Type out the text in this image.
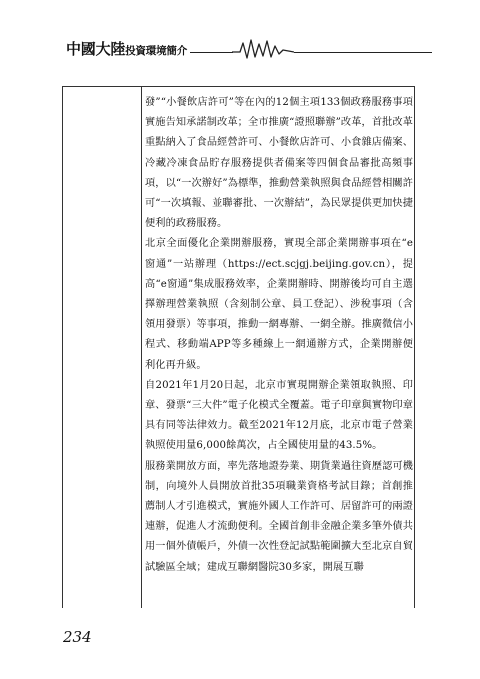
中國大陸投資環境簡介

發”“小餐飲店許可”等在內的12個主項133個政務服務事項實施告知承諾制改革；全市推廣“證照聯辦”改革，首批改革重點納入了食品經營許可、小餐飲店許可、小食雜店備案、冷藏冷凍食品貯存服務提供者備案等四個食品審批高頻事項，以“一次辦好”為標準，推動營業執照與食品經營相關許可“一次填報、並聯審批、一次辦結”，為民眾提供更加快捷便利的政務服務。

北京全面優化企業開辦服務，實現全部企業開辦事項在“e窗通”一站辦理（https://ect.scjgj.beijing.gov.cn），提高“e窗通”集成服務效率，企業開辦時、開辦後均可自主選擇辦理營業執照（含刻制公章、員工登記）、涉稅事項（含領用發票）等事項，推動一網專辦、一網全辦。推廣微信小程式、移動端APP等多種線上一網通辦方式，企業開辦便利化再升級。

自2021年1月20日起，北京市實現開辦企業領取執照、印章、發票“三大件”電子化模式全覆蓋。電子印章與實物印章具有同等法律效力。截至2021年12月底，北京市電子營業執照使用量6,000餘萬次，占全國使用量的43.5%。

服務業開放方面，率先落地證券業、期貨業過往資歷認可機制，向境外人員開放首批35項職業資格考試目錄；首創推薦制人才引進模式，實施外國人工作許可、居留許可的兩證連辦，促進人才流動便利。全國首創非金融企業多筆外債共用一個外債帳戶，外債一次性登記試點範圍擴大至北京自貿試驗區全域；建成互聯網醫院30多家，開展互聯

234
